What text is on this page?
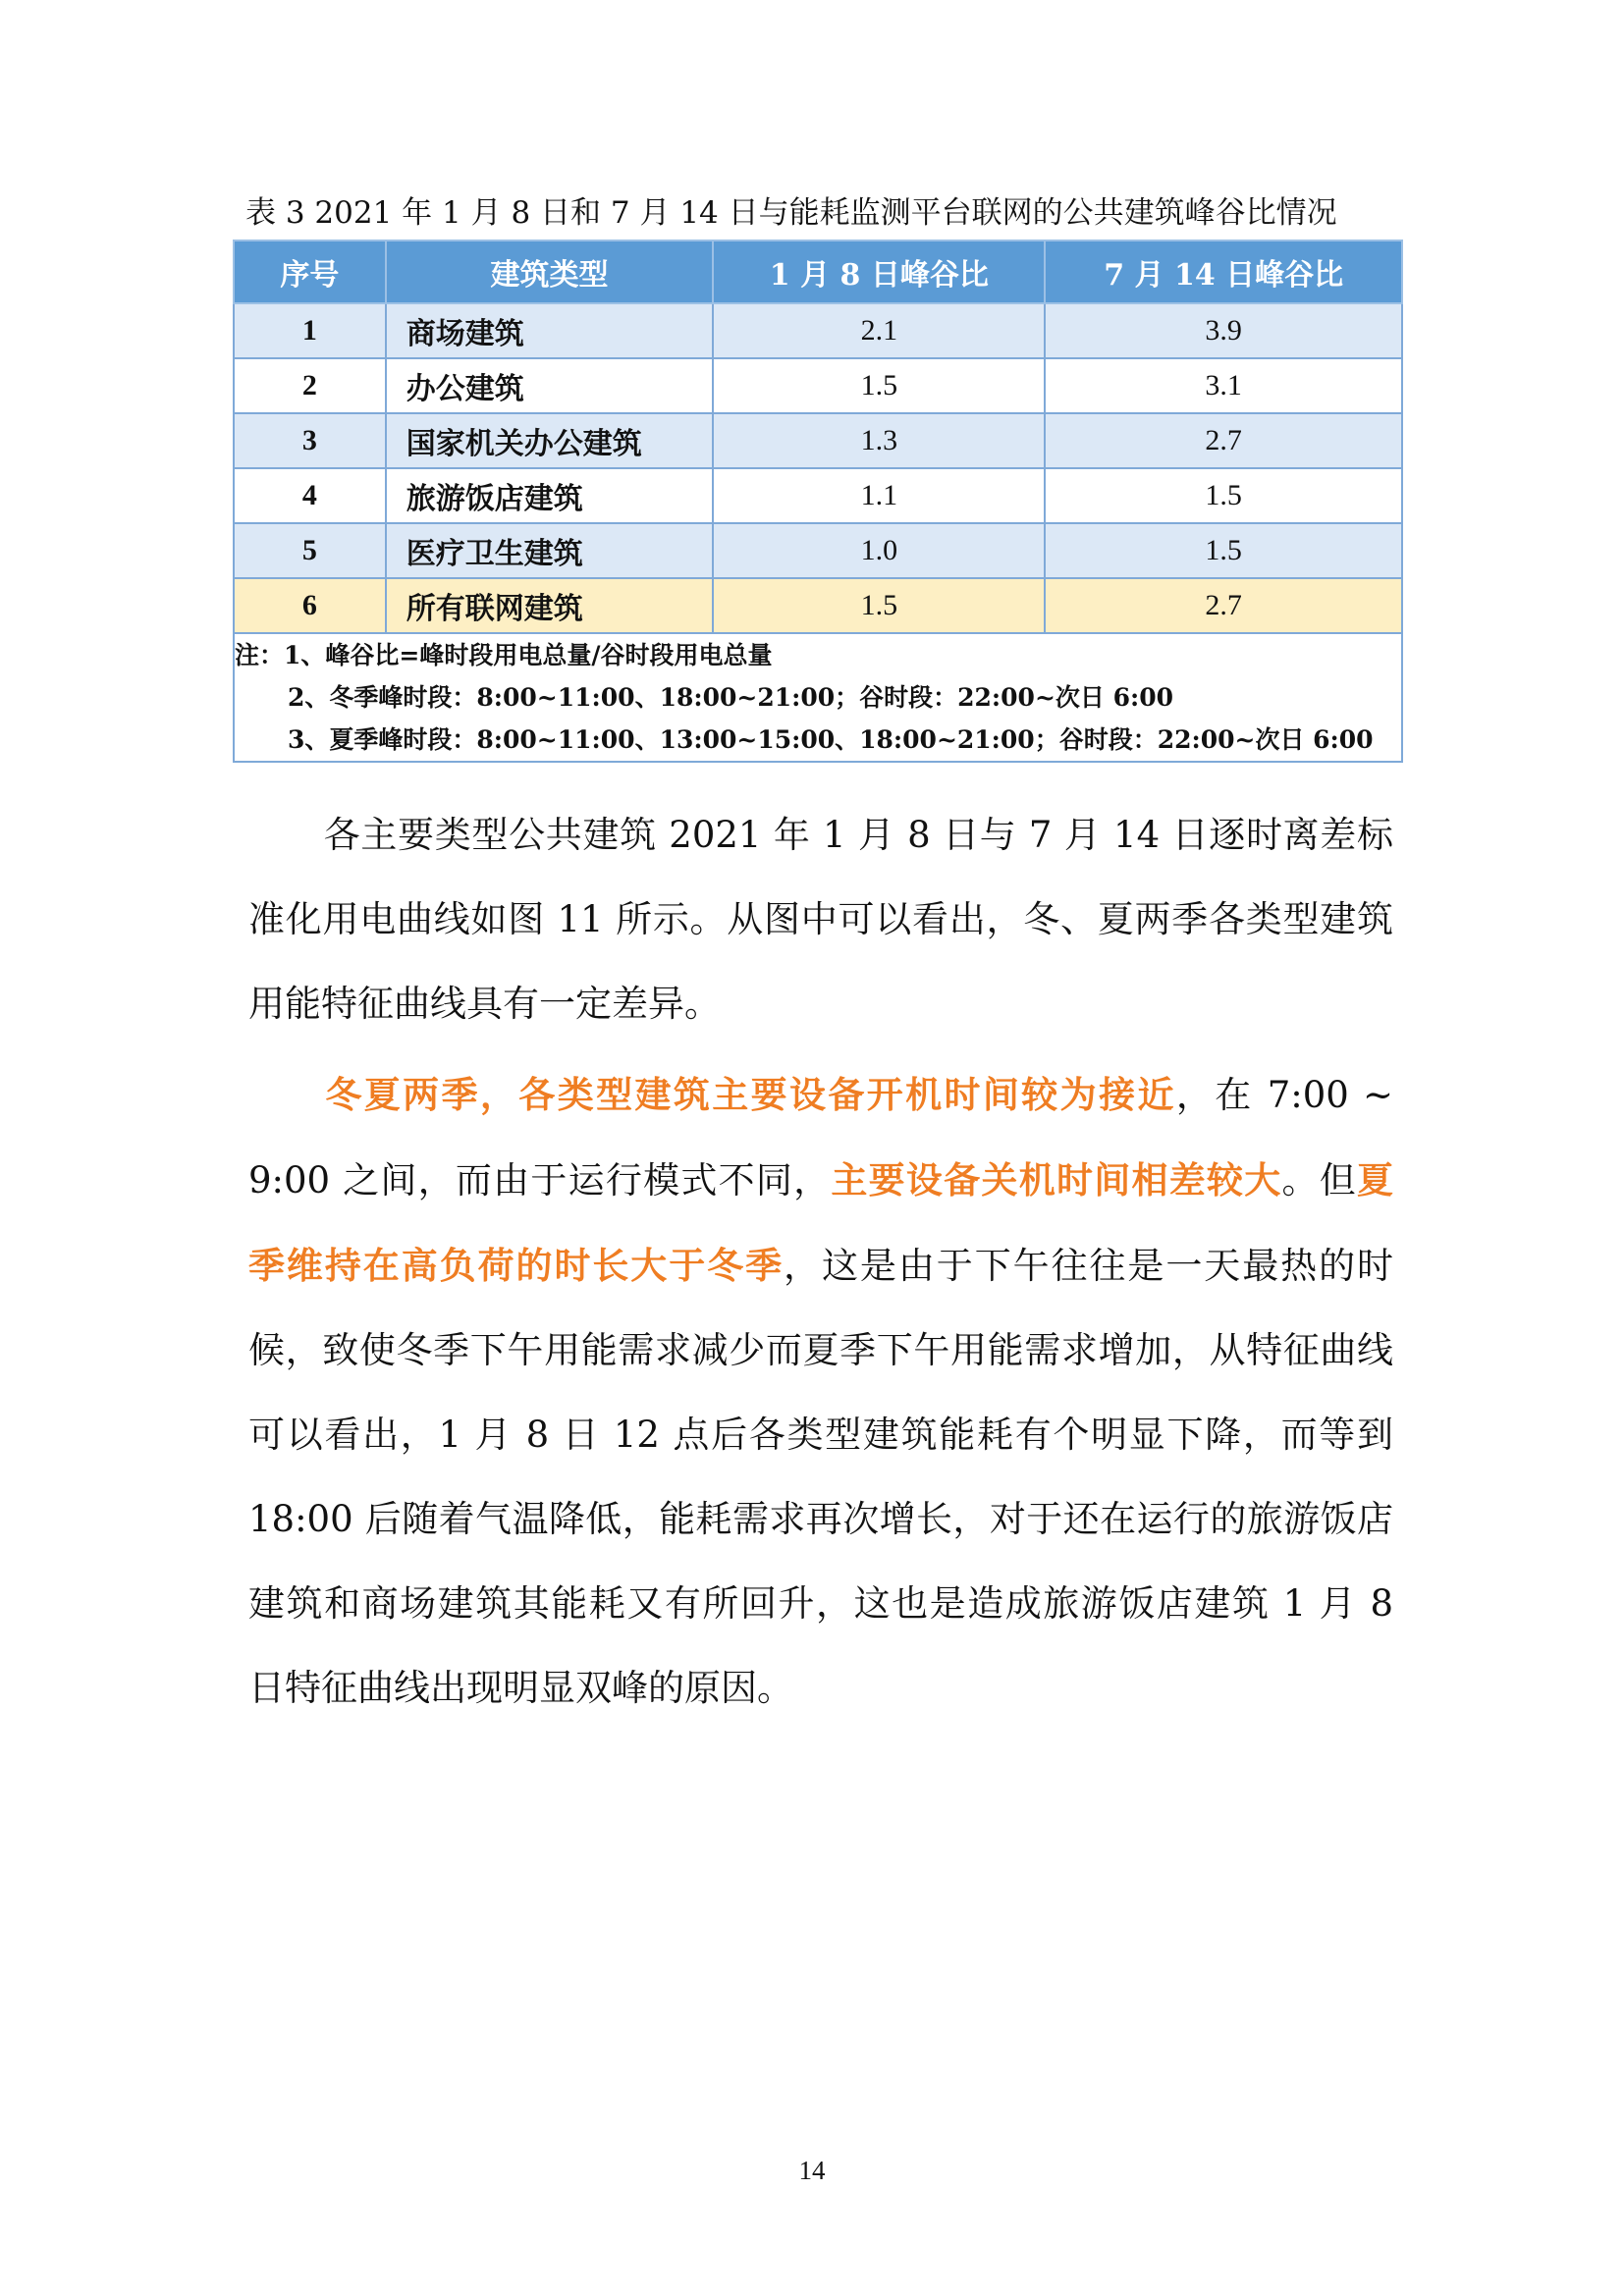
表 3 2021 年 1 月 8 日和 7 月 14 日与能耗监测平台联网的公共建筑峰谷比情况
序号	建筑类型	1 月 8 日峰谷比	7 月 14 日峰谷比
1	商场建筑	2.1	3.9
2	办公建筑	1.5	3.1
3	国家机关办公建筑	1.3	2.7
4	旅游饭店建筑	1.1	1.5
5	医疗卫生建筑	1.0	1.5
6	所有联网建筑	1.5	2.7

注：1、峰谷比=峰时段用电总量/谷时段用电总量
2、冬季峰时段：8:00~11:00、18:00~21:00；谷时段：22:00~次日 6:00
3、夏季峰时段：8:00~11:00、13:00~15:00、18:00~21:00；谷时段：22:00~次日 6:00			

各主要类型公共建筑 2021 年 1 月 8 日与 7 月 14 日逐时离差标准化用电曲线如图 11 所示。从图中可以看出，冬、夏两季各类型建筑用能特征曲线具有一定差异。

冬夏两季，各类型建筑主要设备开机时间较为接近，在 7:00 ~ 9:00 之间，而由于运行模式不同，主要设备关机时间相差较大。但夏季维持在高负荷的时长大于冬季，这是由于下午往往是一天最热的时候，致使冬季下午用能需求减少而夏季下午用能需求增加，从特征曲线可以看出，1 月 8 日 12 点后各类型建筑能耗有个明显下降，而等到 18:00 后随着气温降低，能耗需求再次增长，对于还在运行的旅游饭店建筑和商场建筑其能耗又有所回升，这也是造成旅游饭店建筑 1 月 8 日特征曲线出现明显双峰的原因。

14
